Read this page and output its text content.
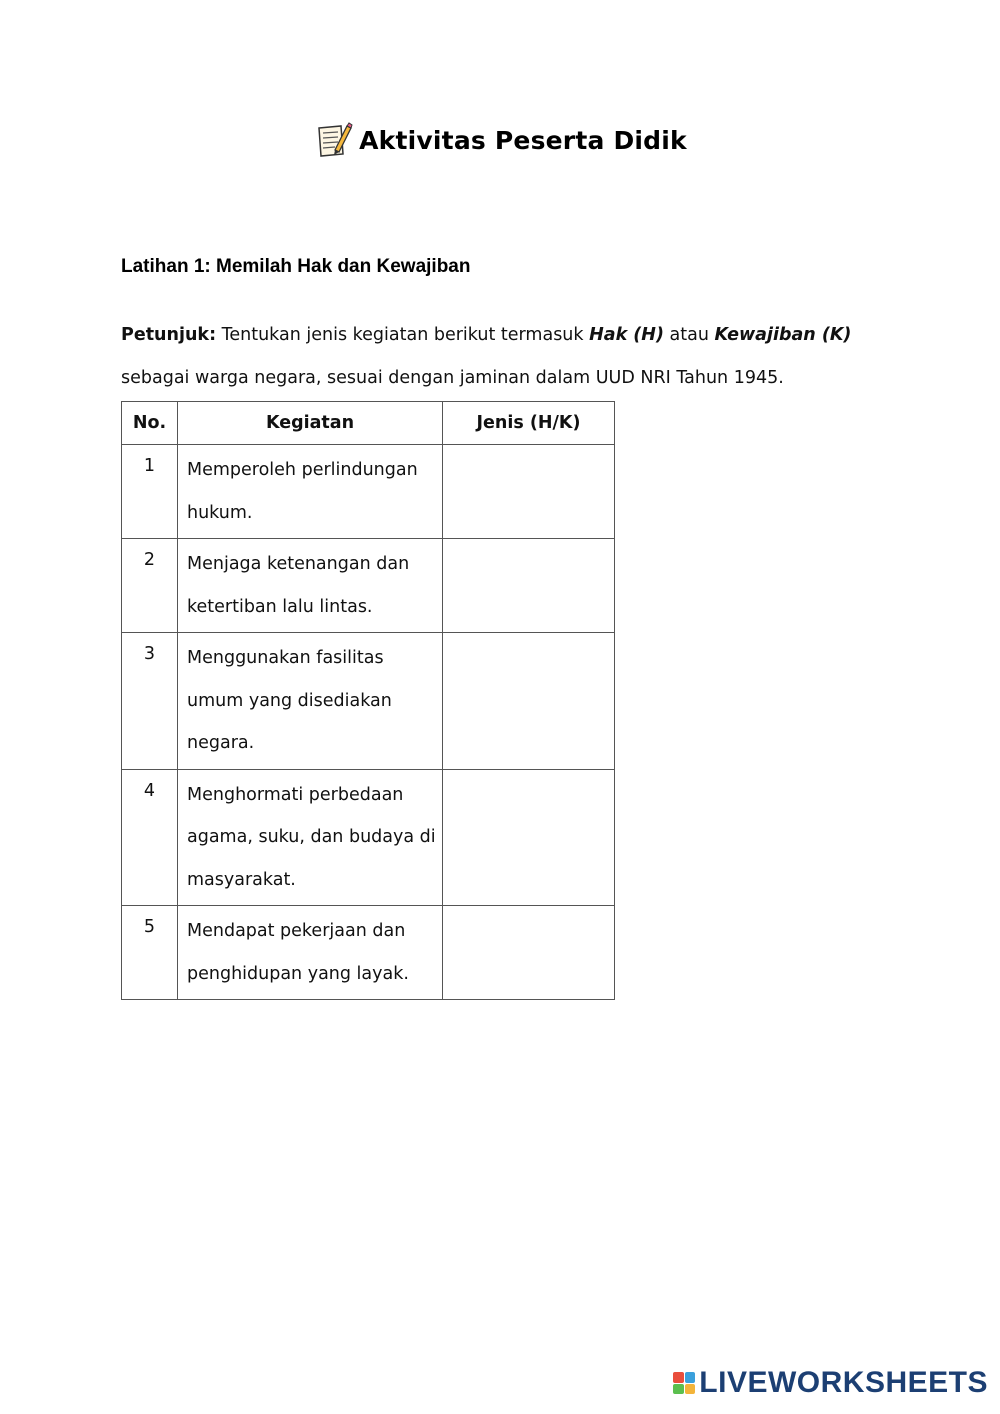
Aktivitas Peserta Didik
Latihan 1: Memilah Hak dan Kewajiban
Petunjuk: Tentukan jenis kegiatan berikut termasuk Hak (H) atau Kewajiban (K) sebagai warga negara, sesuai dengan jaminan dalam UUD NRI Tahun 1945.
No.	Kegiatan	Jenis (H/K)
1	Memperoleh perlindungan hukum.	
2	Menjaga ketenangan dan ketertiban lalu lintas.	
3	Menggunakan fasilitas umum yang disediakan negara.	
4	Menghormati perbedaan agama, suku, dan budaya di masyarakat.	
5	Mendapat pekerjaan dan penghidupan yang layak.	
LIVEWORKSHEETS
